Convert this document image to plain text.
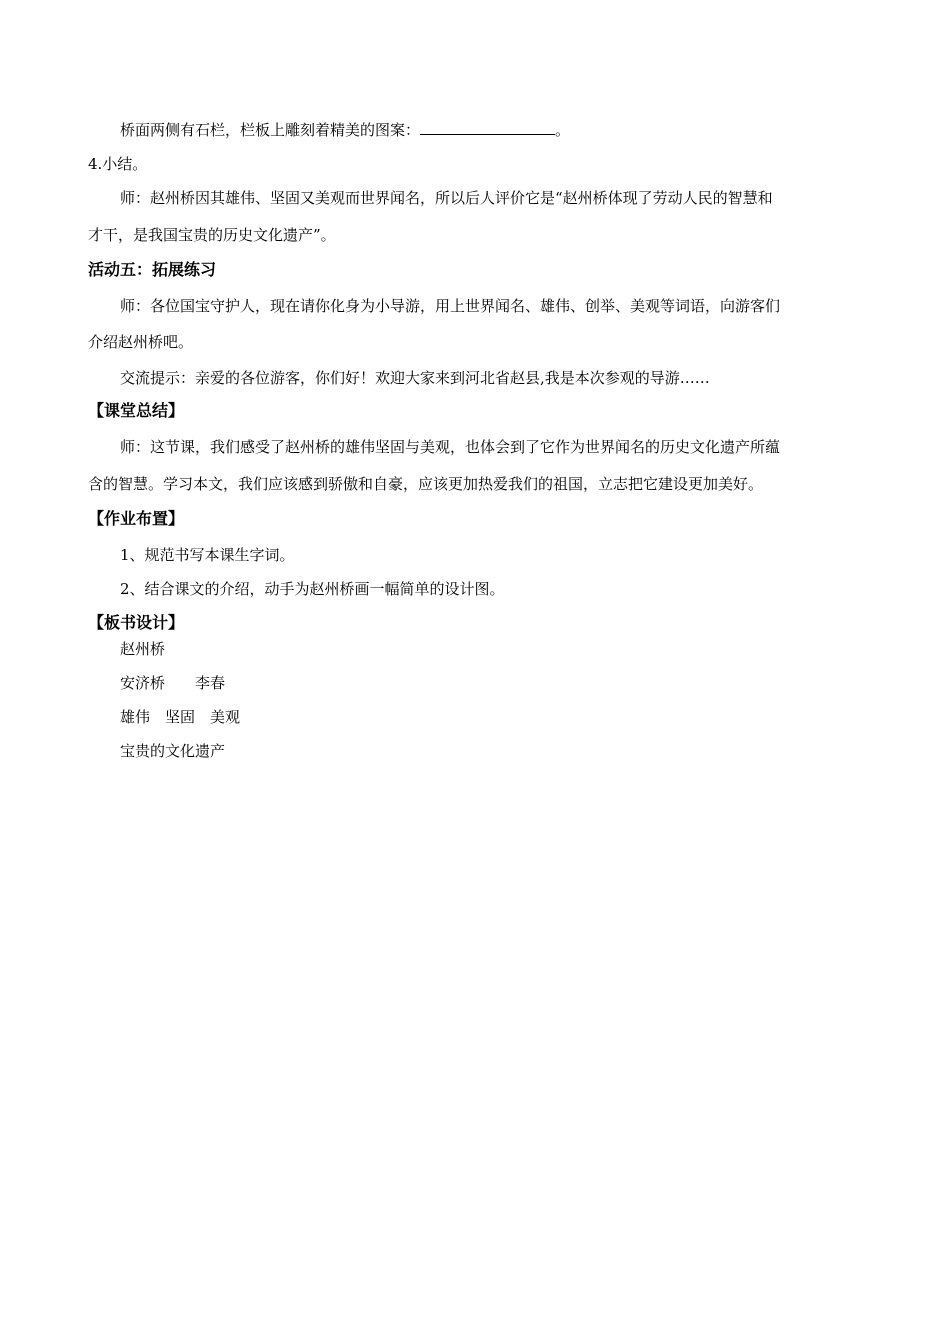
桥面两侧有石栏，栏板上雕刻着精美的图案：	。
4.小结。
师：赵州桥因其雄伟、坚固又美观而世界闻名，所以后人评价它是“赵州桥体现了劳动人民的智慧和
才干，是我国宝贵的历史文化遗产”。
活动五：拓展练习
师：各位国宝守护人，现在请你化身为小导游，用上世界闻名、雄伟、创举、美观等词语，向游客们
介绍赵州桥吧。
交流提示：亲爱的各位游客，你们好！欢迎大家来到河北省赵县,我是本次参观的导游……
【课堂总结】
师：这节课，我们感受了赵州桥的雄伟坚固与美观，也体会到了它作为世界闻名的历史文化遗产所蕴
含的智慧。学习本文，我们应该感到骄傲和自豪，应该更加热爱我们的祖国，立志把它建设更加美好。
【作业布置】
1、规范书写本课生字词。
2、结合课文的介绍，动手为赵州桥画一幅简单的设计图。
【板书设计】
赵州桥
安济桥　　李春
雄伟　坚固　美观
宝贵的文化遗产
